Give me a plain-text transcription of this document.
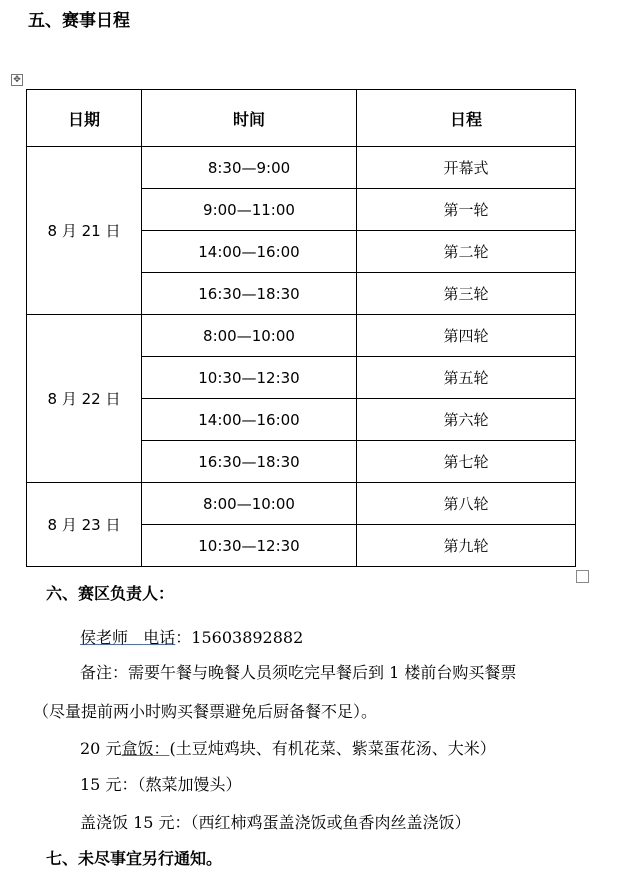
五、赛事日程
✥
日期	时间	日程
8 月 21 日	8:30—9:00	开幕式
	9:00—11:00	第一轮
	14:00—16:00	第二轮
	16:30—18:30	第三轮
8 月 22 日	8:00—10:00	第四轮
	10:30—12:30	第五轮
	14:00—16:00	第六轮
	16:30—18:30	第七轮
8 月 23 日	8:00—10:00	第八轮
	10:30—12:30	第九轮
六、赛区负责人：
侯老师 电话：15603892882
备注：需要午餐与晚餐人员须吃完早餐后到 1 楼前台购买餐票
（尽量提前两小时购买餐票避免后厨备餐不足）。
20 元盒饭：(土豆炖鸡块、有机花菜、紫菜蛋花汤、大米）
15 元：（熬菜加馒头）
盖浇饭 15 元：（西红柿鸡蛋盖浇饭或鱼香肉丝盖浇饭）
七、未尽事宜另行通知。
